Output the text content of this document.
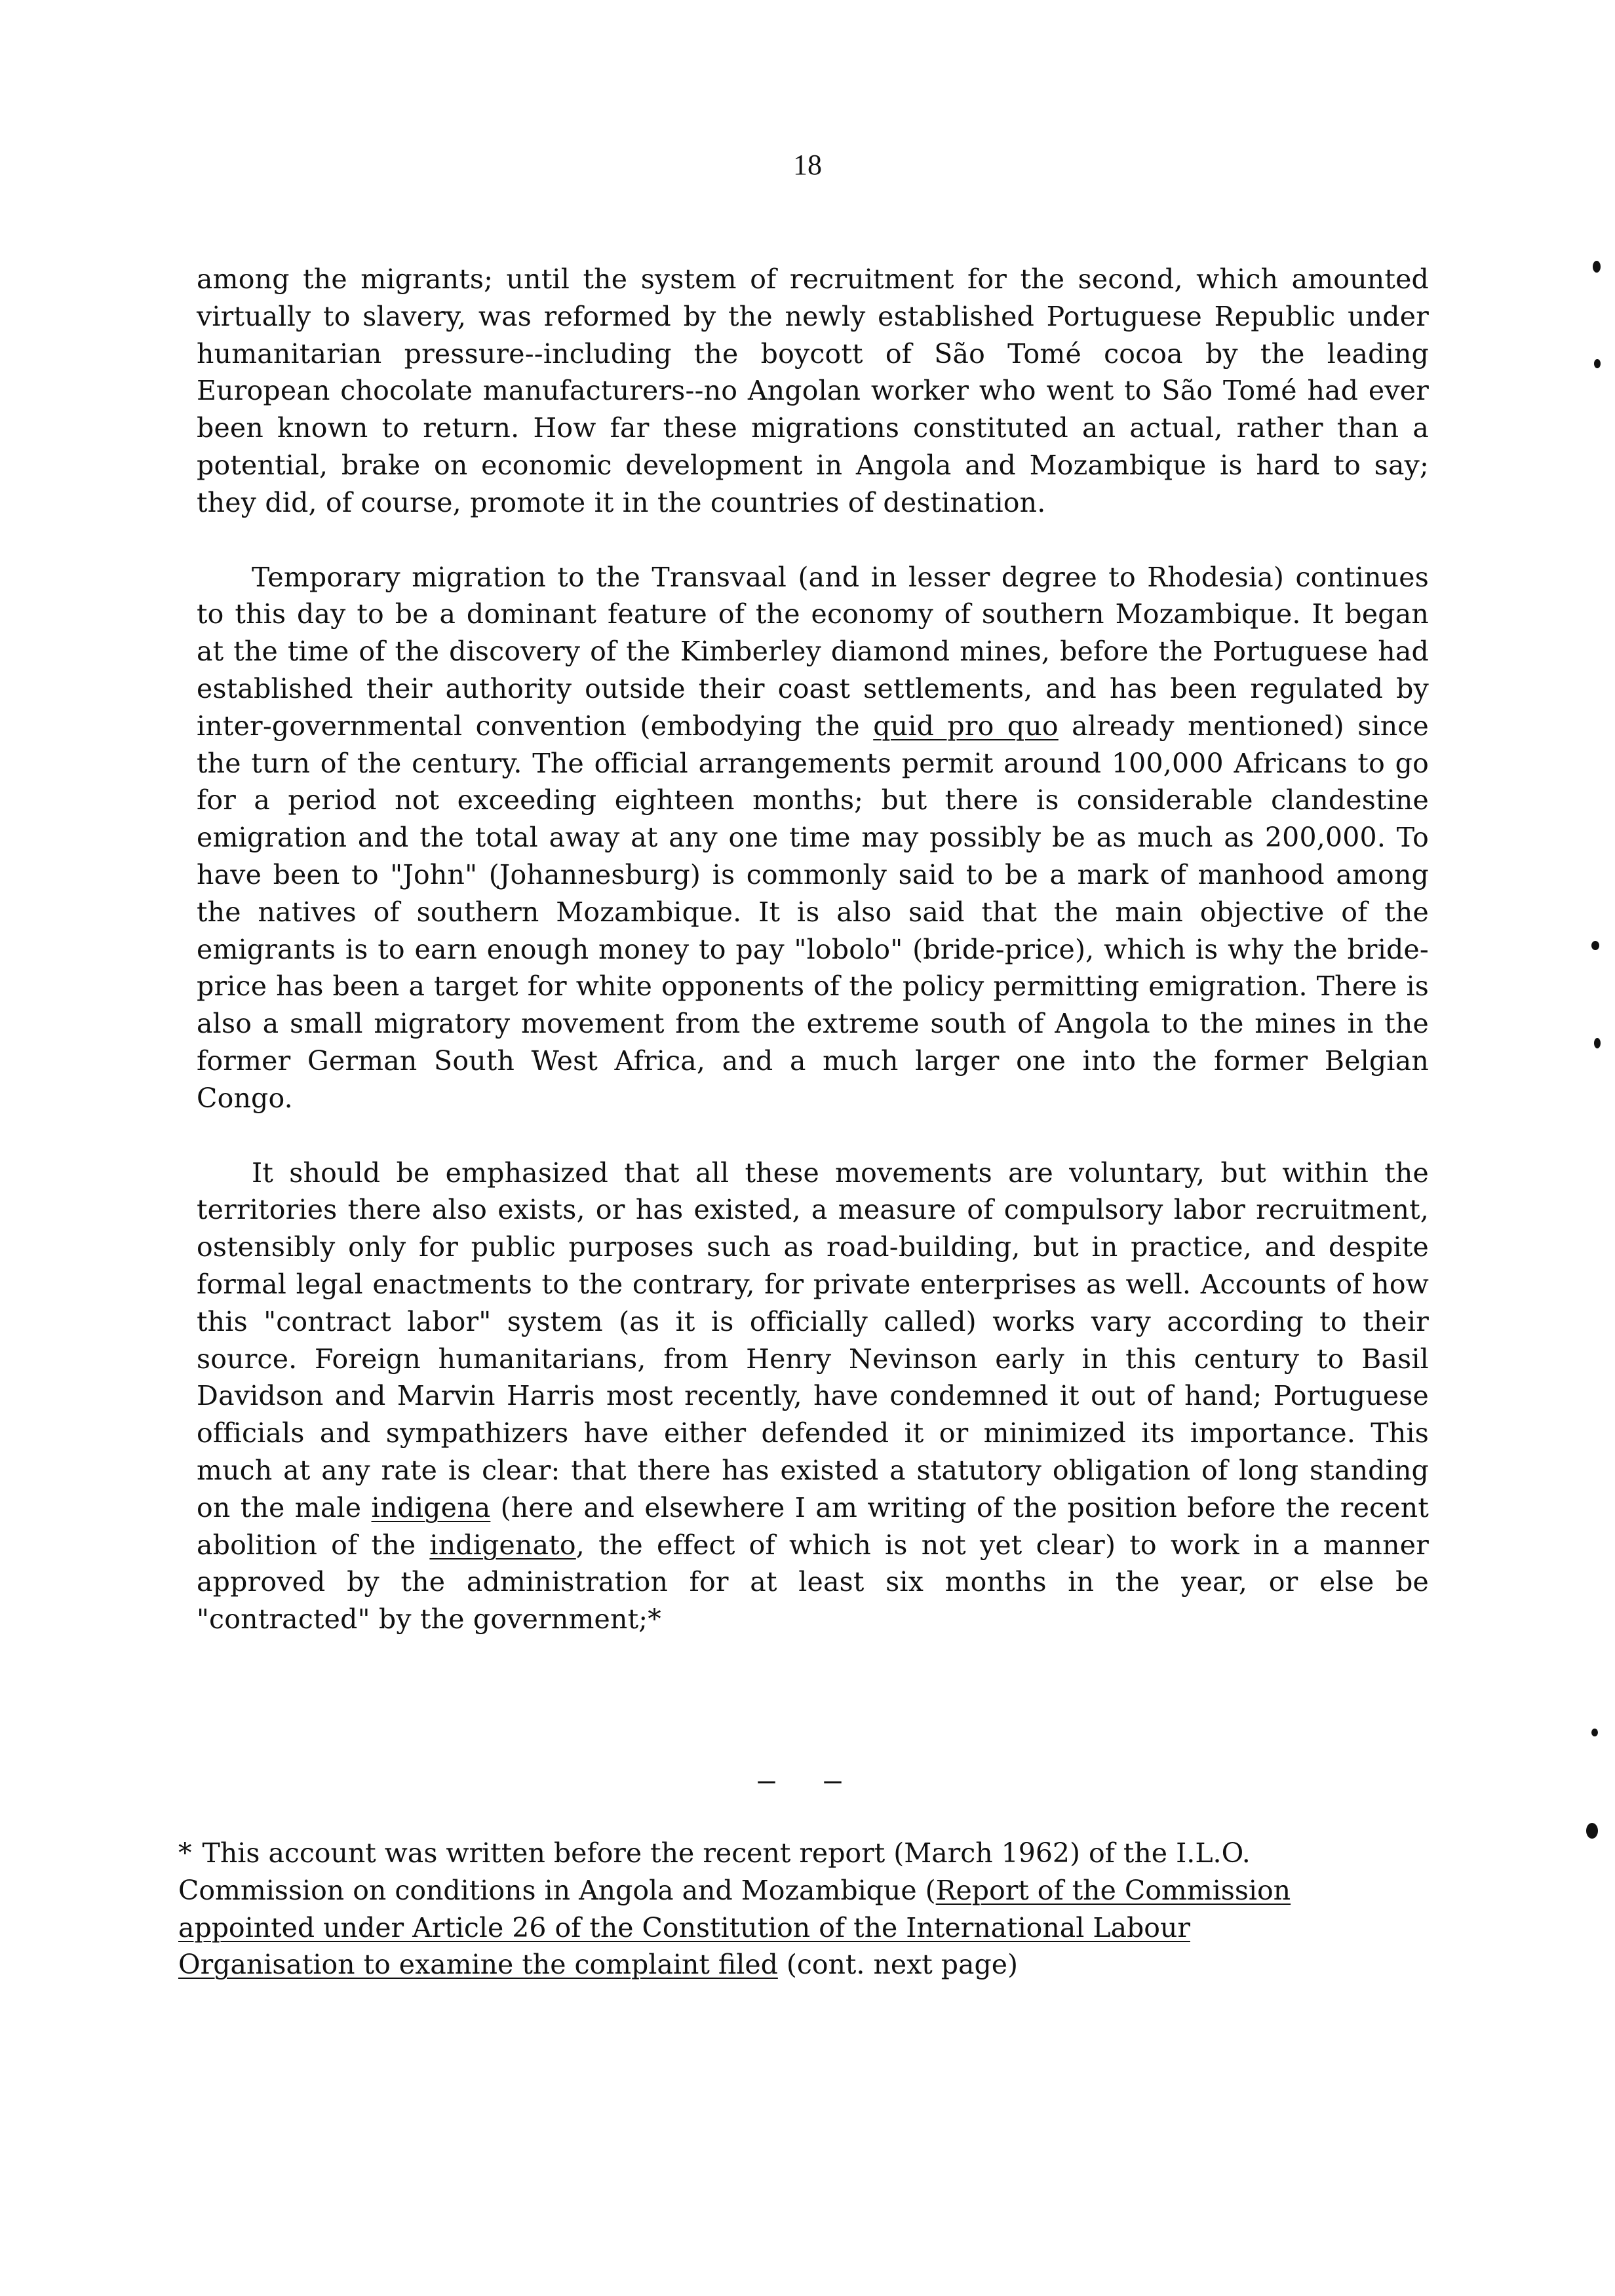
18

among the migrants; until the system of recruitment for the second, which amounted virtually to slavery, was reformed by the newly established Portuguese Republic under humanitarian pressure--including the boycott of São Tomé cocoa by the leading European chocolate manufacturers--no Angolan worker who went to São Tomé had ever been known to return. How far these migrations constituted an actual, rather than a potential, brake on economic development in Angola and Mozambique is hard to say; they did, of course, promote it in the countries of destination.

Temporary migration to the Transvaal (and in lesser degree to Rhodesia) continues to this day to be a dominant feature of the economy of southern Mozambique. It began at the time of the discovery of the Kimberley diamond mines, before the Portuguese had established their authority outside their coast settlements, and has been regulated by inter-governmental convention (embodying the quid pro quo already mentioned) since the turn of the century. The official arrangements permit around 100,000 Africans to go for a period not exceeding eighteen months; but there is considerable clandestine emigration and the total away at any one time may possibly be as much as 200,000. To have been to "John" (Johannesburg) is commonly said to be a mark of manhood among the natives of southern Mozambique. It is also said that the main objective of the emigrants is to earn enough money to pay "lobolo" (bride-price), which is why the bride-price has been a target for white opponents of the policy permitting emigration. There is also a small migratory movement from the extreme south of Angola to the mines in the former German South West Africa, and a much larger one into the former Belgian Congo.

It should be emphasized that all these movements are voluntary, but within the territories there also exists, or has existed, a measure of compulsory labor recruitment, ostensibly only for public purposes such as road-building, but in practice, and despite formal legal enactments to the contrary, for private enterprises as well. Accounts of how this "contract labor" system (as it is officially called) works vary according to their source. Foreign humanitarians, from Henry Nevinson early in this century to Basil Davidson and Marvin Harris most recently, have condemned it out of hand; Portuguese officials and sympathizers have either defended it or minimized its importance. This much at any rate is clear: that there has existed a statutory obligation of long standing on the male indigena (here and elsewhere I am writing of the position before the recent abolition of the indigenato, the effect of which is not yet clear) to work in a manner approved by the administration for at least six months in the year, or else be "contracted" by the government;*

— —
* This account was written before the recent report (March 1962) of the I.L.O. Commission on conditions in Angola and Mozambique (Report of the Commission appointed under Article 26 of the Constitution of the International Labour Organisation to examine the complaint filed (cont. next page)
